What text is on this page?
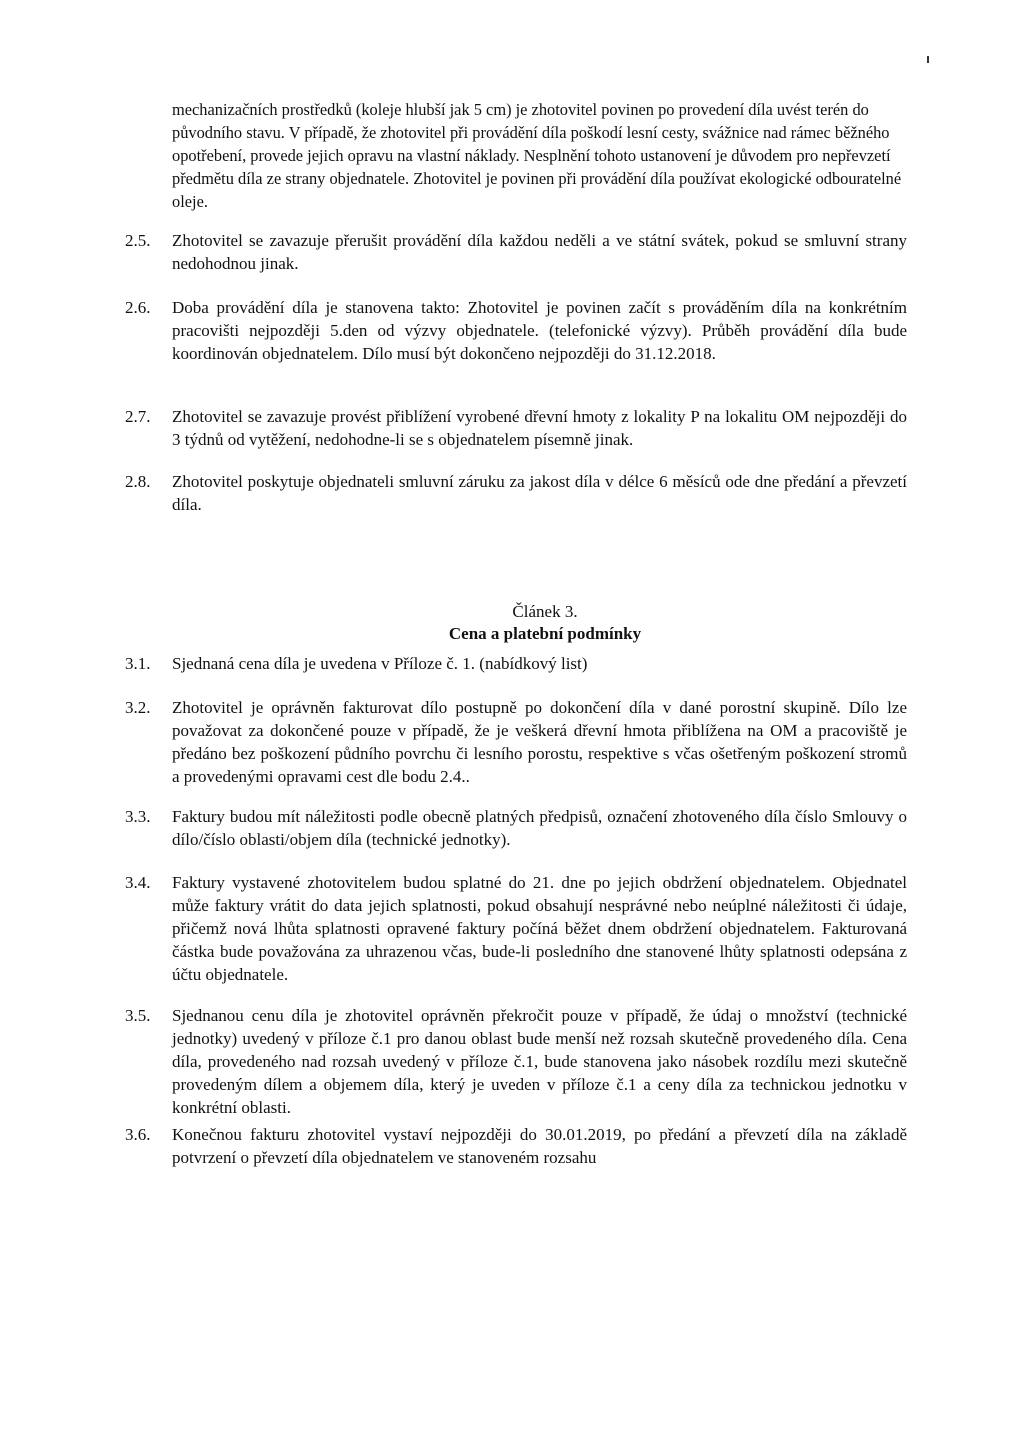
mechanizačních prostředků (koleje hlubší jak 5 cm) je zhotovitel povinen po provedení díla uvést terén do původního stavu. V případě, že zhotovitel při provádění díla poškodí lesní cesty, svážnice nad rámec běžného opotřebení, provede jejich opravu na vlastní náklady. Nesplnění tohoto ustanovení je důvodem pro nepřevzetí předmětu díla ze strany objednatele. Zhotovitel je povinen při provádění díla používat ekologické odbouratelné oleje.
2.5. Zhotovitel se zavazuje přerušit provádění díla každou neděli a ve státní svátek, pokud se smluvní strany nedohodnou jinak.
2.6. Doba provádění díla je stanovena takto: Zhotovitel je povinen začít s prováděním díla na konkrétním pracovišti nejpozději 5.den od výzvy objednatele. (telefonické výzvy). Průběh provádění díla bude koordinován objednatelem. Dílo musí být dokončeno nejpozději do 31.12.2018.
2.7. Zhotovitel se zavazuje provést přiblížení vyrobené dřevní hmoty z lokality P na lokalitu OM nejpozději do 3 týdnů od vytěžení, nedohodne-li se s objednatelem písemně jinak.
2.8. Zhotovitel poskytuje objednateli smluvní záruku za jakost díla v délce 6 měsíců ode dne předání a převzetí díla.
Článek 3.
Cena a platební podmínky
3.1. Sjednaná cena díla je uvedena v Příloze č. 1. (nabídkový list)
3.2. Zhotovitel je oprávněn fakturovat dílo postupně po dokončení díla v dané porostní skupině. Dílo lze považovat za dokončené pouze v případě, že je veškerá dřevní hmota přiblížena na OM a pracoviště je předáno bez poškození půdního povrchu či lesního porostu, respektive s včas ošetřeným poškození stromů a provedenými opravami cest dle bodu 2.4..
3.3. Faktury budou mít náležitosti podle obecně platných předpisů, označení zhotoveného díla číslo Smlouvy o dílo/číslo oblasti/objem díla (technické jednotky).
3.4. Faktury vystavené zhotovitelem budou splatné do 21. dne po jejich obdržení objednatelem. Objednatel může faktury vrátit do data jejich splatnosti, pokud obsahují nesprávné nebo neúplné náležitosti či údaje, přičemž nová lhůta splatnosti opravené faktury počíná běžet dnem obdržení objednatelem. Fakturovaná částka bude považována za uhrazenou včas, bude-li posledního dne stanovené lhůty splatnosti odepsána z účtu objednatele.
3.5. Sjednanou cenu díla je zhotovitel oprávněn překročit pouze v případě, že údaj o množství (technické jednotky) uvedený v příloze č.1 pro danou oblast bude menší než rozsah skutečně provedeného díla. Cena díla, provedeného nad rozsah uvedený v příloze č.1, bude stanovena jako násobek rozdílu mezi skutečně provedeným dílem a objemem díla, který je uveden v příloze č.1 a ceny díla za technickou jednotku v konkrétní oblasti.
3.6. Konečnou fakturu zhotovitel vystaví nejpozději do 30.01.2019, po předání a převzetí díla na základě potvrzení o převzetí díla objednatelem ve stanoveném rozsahu
